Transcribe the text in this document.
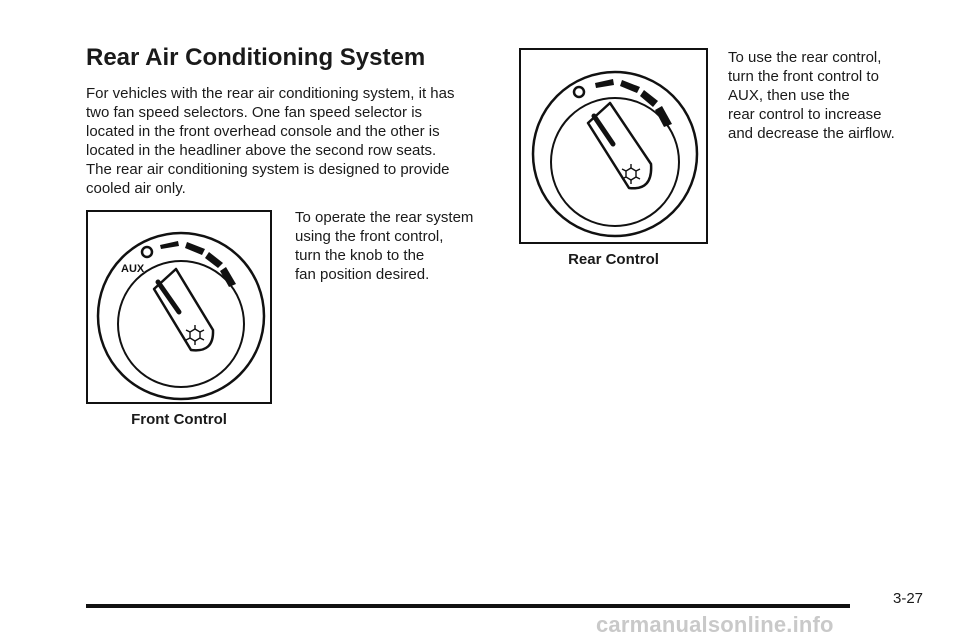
Rear Air Conditioning System
For vehicles with the rear air conditioning system, it has
two fan speed selectors. One fan speed selector is
located in the front overhead console and the other is
located in the headliner above the second row seats.
The rear air conditioning system is designed to provide
cooled air only.
To operate the rear system
using the front control,
turn the knob to the
fan position desired.
To use the rear control,
turn the front control to
AUX, then use the
rear control to increase
and decrease the airflow.
AUX
Front Control
Rear Control
3-27
carmanualsonline.info
